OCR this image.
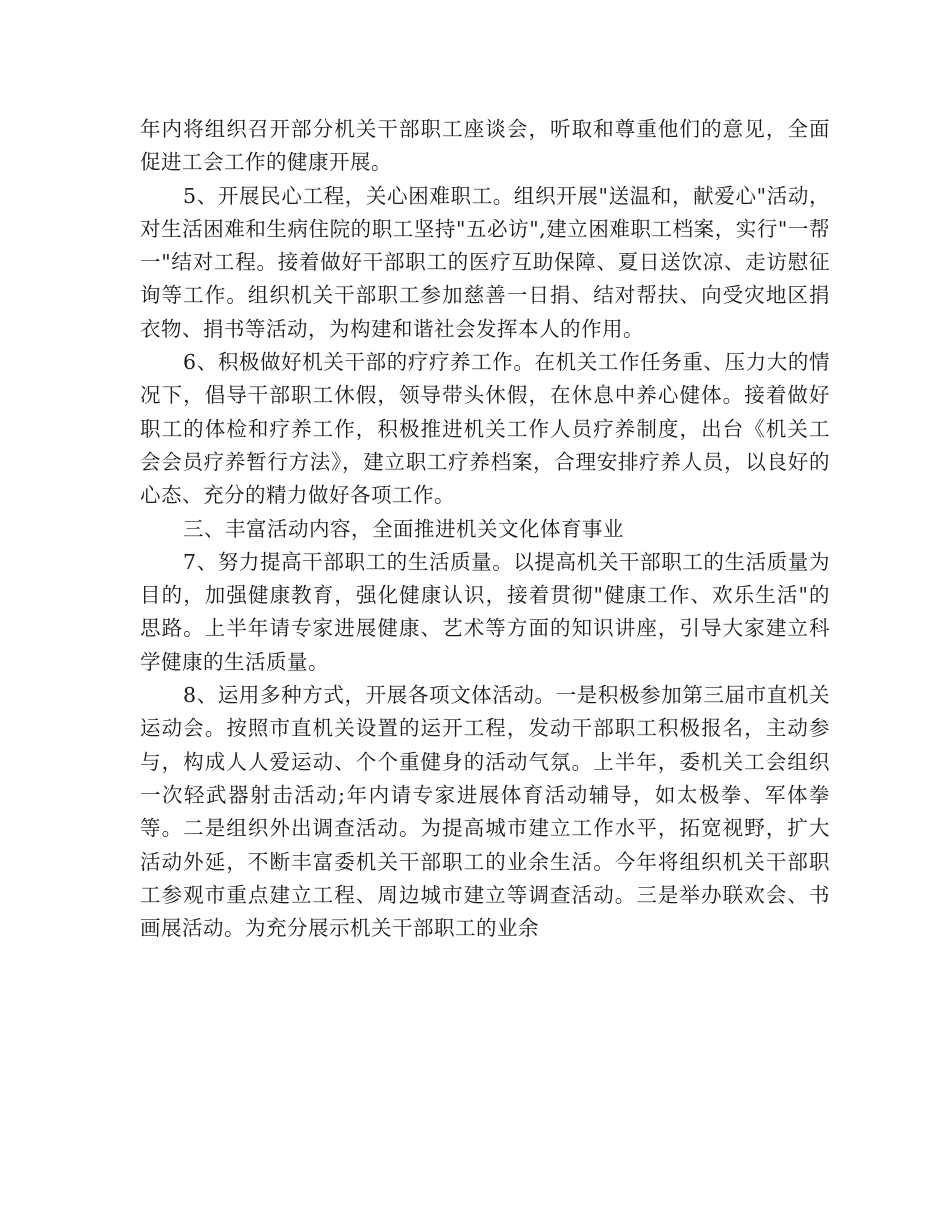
年内将组织召开部分机关干部职工座谈会，听取和尊重他们的意见，全面促进工会工作的健康开展。

5、开展民心工程，关心困难职工。组织开展"送温和，献爱心"活动，对生活困难和生病住院的职工坚持"五必访",建立困难职工档案，实行"一帮一"结对工程。接着做好干部职工的医疗互助保障、夏日送饮凉、走访慰征询等工作。组织机关干部职工参加慈善一日捐、结对帮扶、向受灾地区捐衣物、捐书等活动，为构建和谐社会发挥本人的作用。

6、积极做好机关干部的疗疗养工作。在机关工作任务重、压力大的情况下，倡导干部职工休假，领导带头休假，在休息中养心健体。接着做好职工的体检和疗养工作，积极推进机关工作人员疗养制度，出台《机关工会会员疗养暂行方法》，建立职工疗养档案，合理安排疗养人员，以良好的心态、充分的精力做好各项工作。

三、丰富活动内容，全面推进机关文化体育事业

7、努力提高干部职工的生活质量。以提高机关干部职工的生活质量为目的，加强健康教育，强化健康认识，接着贯彻"健康工作、欢乐生活"的思路。上半年请专家进展健康、艺术等方面的知识讲座，引导大家建立科学健康的生活质量。

8、运用多种方式，开展各项文体活动。一是积极参加第三届市直机关运动会。按照市直机关设置的运开工程，发动干部职工积极报名，主动参与，构成人人爱运动、个个重健身的活动气氛。上半年，委机关工会组织一次轻武器射击活动;年内请专家进展体育活动辅导，如太极拳、军体拳等。二是组织外出调查活动。为提高城市建立工作水平，拓宽视野，扩大活动外延，不断丰富委机关干部职工的业余生活。今年将组织机关干部职工参观市重点建立工程、周边城市建立等调查活动。三是举办联欢会、书画展活动。为充分展示机关干部职工的业余
